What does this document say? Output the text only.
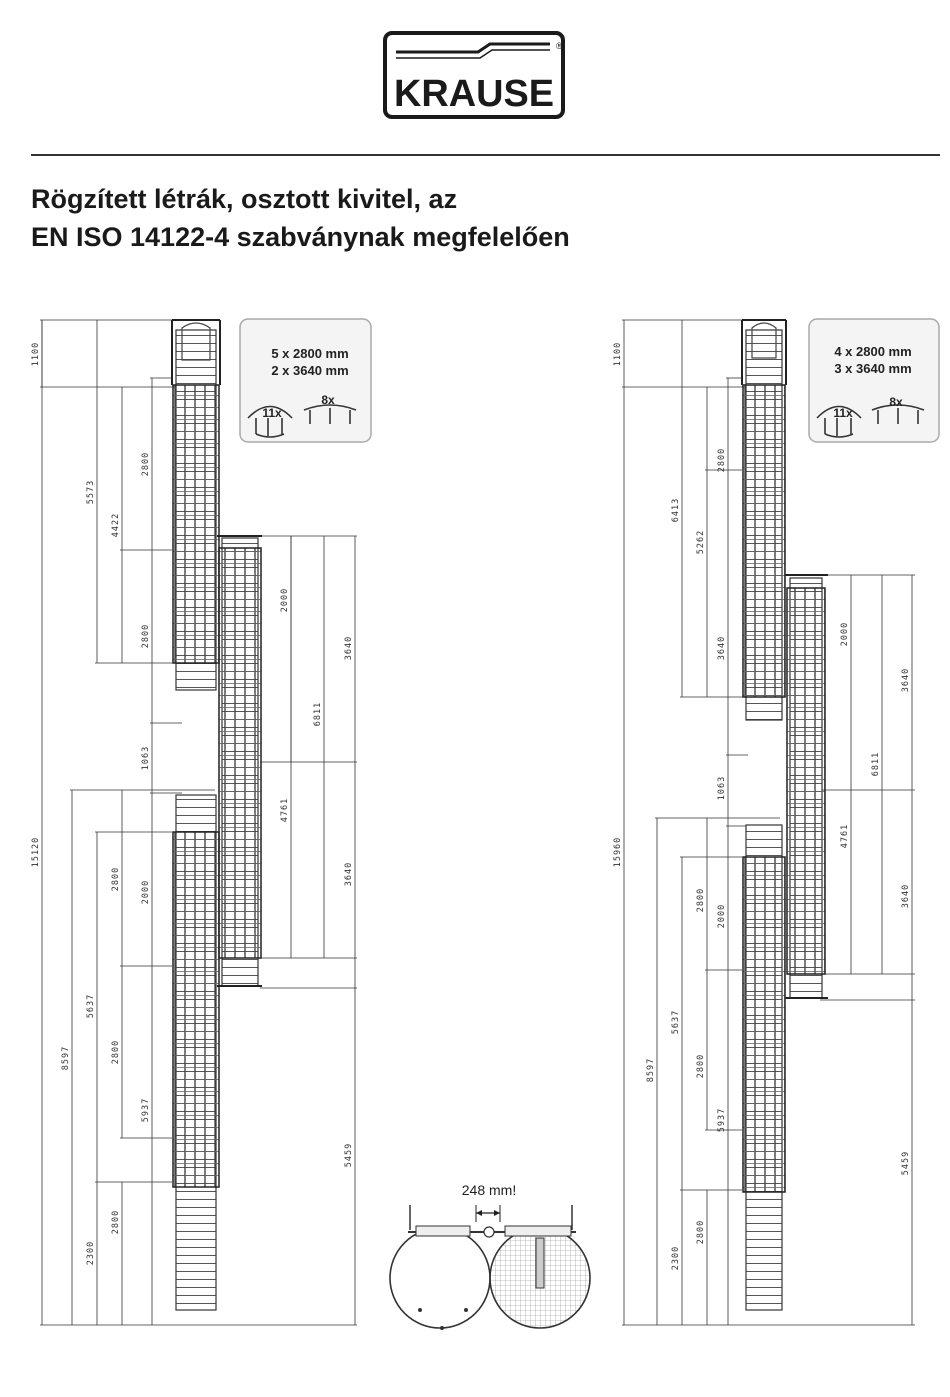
KRAUSE
®
Rögzített létrák, osztott kivitel, az
EN ISO 14122-4 szabványnak megfelelően
1100
15120
5573
4422
2800
2800
1063
8597
5637
2800
2000
2800
5937
2300
2800
2000
4761
6811
3640
3640
5459
5 x 2800 mm
2 x 3640 mm
11x
8x
1100
15960
6413
5262
2800
3640
1063
8597
5637
2800
2000
2800
5937
2300
2800
2000
4761
6811
3640
3640
5459
4 x 2800 mm
3 x 3640 mm
11x
8x
248 mm!
